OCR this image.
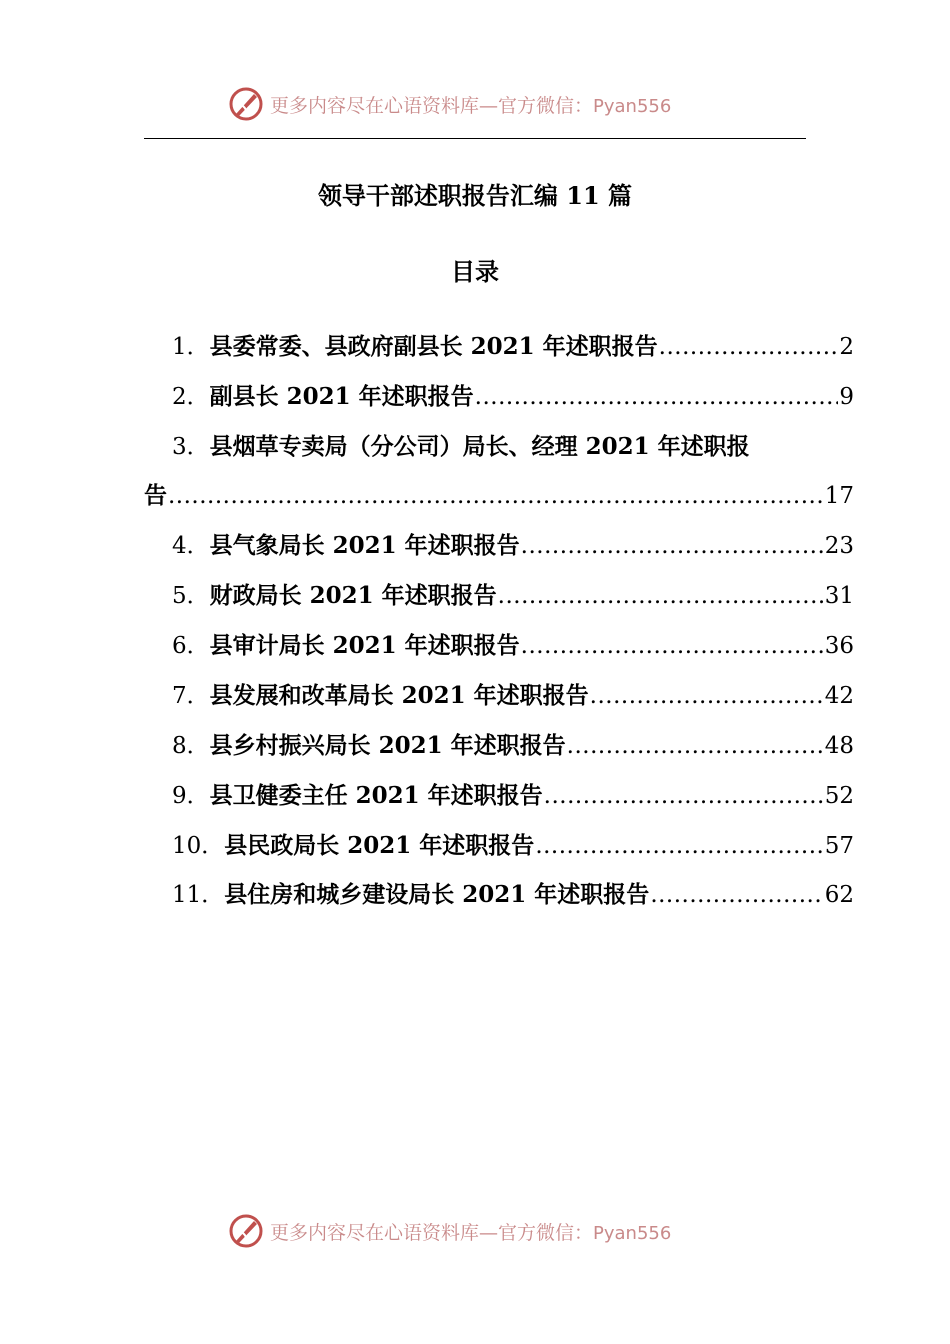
更多内容尽在心语资料库—官方微信：Pyan556
领导干部述职报告汇编 11 篇
目录
1． 县委常委、县政府副县长 2021 年述职报告 .....	2
2． 副县长 2021 年述职报告 .....	9
3．县烟草专卖局（分公司）局长、经理 2021 年述职报
告 .....	17
4． 县气象局长 2021 年述职报告 .....	23
5． 财政局长 2021 年述职报告 .....	31
6． 县审计局长 2021 年述职报告 .....	36
7． 县发展和改革局长 2021 年述职报告 .....	42
8． 县乡村振兴局长 2021 年述职报告 .....	48
9． 县卫健委主任 2021 年述职报告 .....	52
10． 县民政局长 2021 年述职报告 .....	57
11． 县住房和城乡建设局长 2021 年述职报告 .....	62
更多内容尽在心语资料库—官方微信：Pyan556
